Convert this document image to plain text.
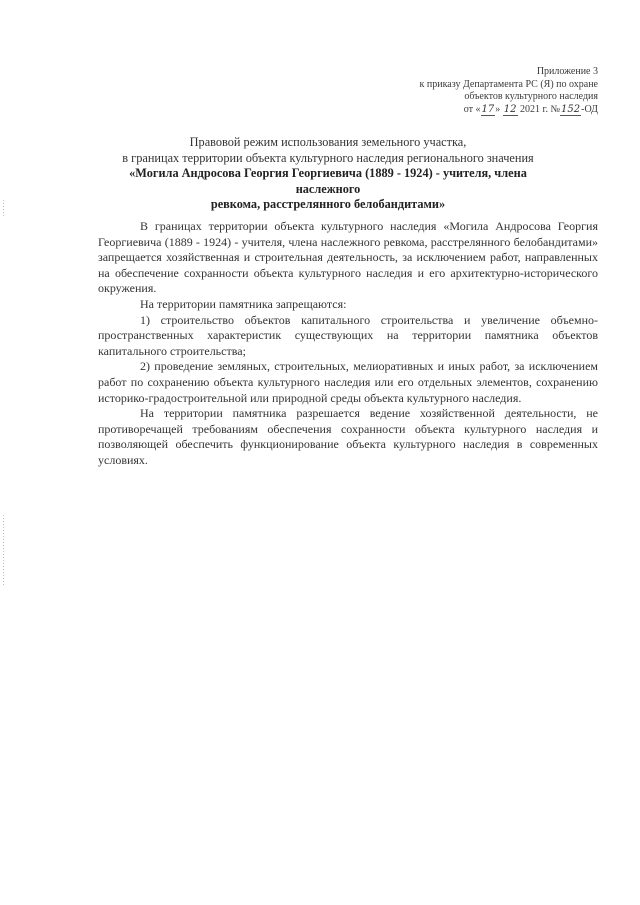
Приложение 3
к приказу Департамента РС (Я) по охране
объектов культурного наследия
от «17» 12 2021 г. №152-ОД
Правовой режим использования земельного участка,
в границах территории объекта культурного наследия регионального значения
«Могила Андросова Георгия Георгиевича (1889 - 1924) - учителя, члена наслежного
ревкома, расстрелянного белобандитами»

В границах территории объекта культурного наследия «Могила Андросова Георгия Георгиевича (1889 - 1924) - учителя, члена наслежного ревкома, расстрелянного белобандитами» запрещается хозяйственная и строительная деятельность, за исключением работ, направленных на обеспечение сохранности объекта культурного наследия и его архитектурно-исторического окружения.

На территории памятника запрещаются:

1) строительство объектов капитального строительства и увеличение объемно-пространственных характеристик существующих на территории памятника объектов капитального строительства;

2) проведение земляных, строительных, мелиоративных и иных работ, за исключением работ по сохранению объекта культурного наследия или его отдельных элементов, сохранению историко-градостроительной или природной среды объекта культурного наследия.

На территории памятника разрешается ведение хозяйственной деятельности, не противоречащей требованиям обеспечения сохранности объекта культурного наследия и позволяющей обеспечить функционирование объекта культурного наследия в современных условиях.
